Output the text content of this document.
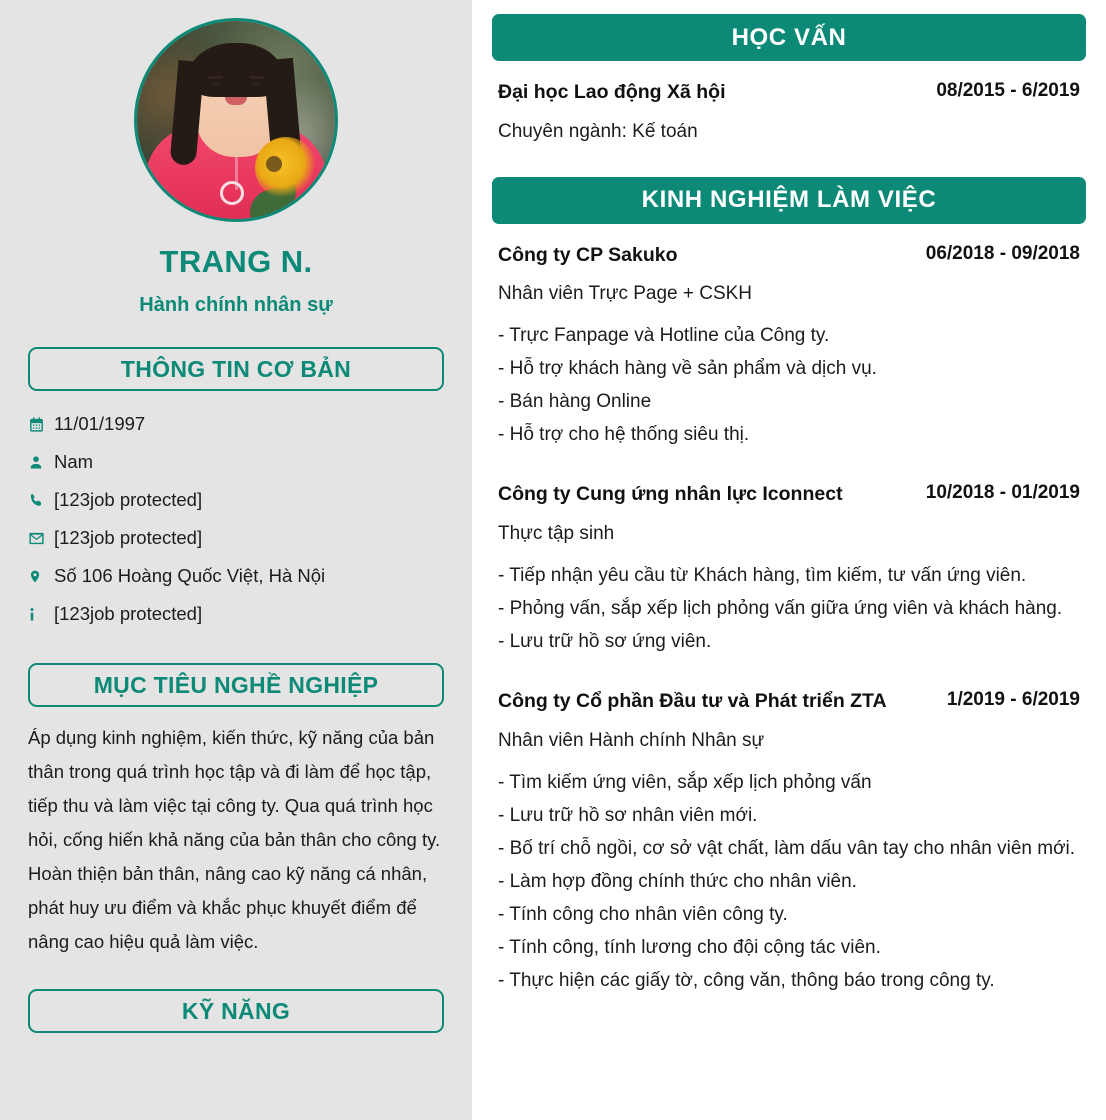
TRANG N.
Hành chính nhân sự
THÔNG TIN CƠ BẢN
11/01/1997
Nam
[123job protected]
[123job protected]
Số 106 Hoàng Quốc Việt, Hà Nội
[123job protected]
MỤC TIÊU NGHỀ NGHIỆP

Áp dụng kinh nghiệm, kiến thức, kỹ năng của bản thân trong quá trình học tập và đi làm để học tập, tiếp thu và làm việc tại công ty. Qua quá trình học hỏi, cống hiến khả năng của bản thân cho công ty.

Hoàn thiện bản thân, nâng cao kỹ năng cá nhân, phát huy ưu điểm và khắc phục khuyết điểm để nâng cao hiệu quả làm việc.

KỸ NĂNG
HỌC VẤN
Đại học Lao động Xã hội	08/2015 - 6/2019
Chuyên ngành: Kế toán
KINH NGHIỆM LÀM VIỆC
Công ty CP Sakuko	06/2018 - 09/2018
Nhân viên Trực Page + CSKH
- Trực Fanpage và Hotline của Công ty.
- Hỗ trợ khách hàng về sản phẩm và dịch vụ.
- Bán hàng Online
- Hỗ trợ cho hệ thống siêu thị.
Công ty Cung ứng nhân lực Iconnect	10/2018 - 01/2019
Thực tập sinh
- Tiếp nhận yêu cầu từ Khách hàng, tìm kiếm, tư vấn ứng viên.
- Phỏng vấn, sắp xếp lịch phỏng vấn giữa ứng viên và khách hàng.
- Lưu trữ hồ sơ ứng viên.
Công ty Cổ phần Đầu tư và Phát triển ZTA	1/2019 - 6/2019
Nhân viên Hành chính Nhân sự
- Tìm kiếm ứng viên, sắp xếp lịch phỏng vấn
- Lưu trữ hồ sơ nhân viên mới.
- Bố trí chỗ ngồi, cơ sở vật chất, làm dấu vân tay cho nhân viên mới.
- Làm hợp đồng chính thức cho nhân viên.
- Tính công cho nhân viên công ty.
- Tính công, tính lương cho đội cộng tác viên.
- Thực hiện các giấy tờ, công văn, thông báo trong công ty.
